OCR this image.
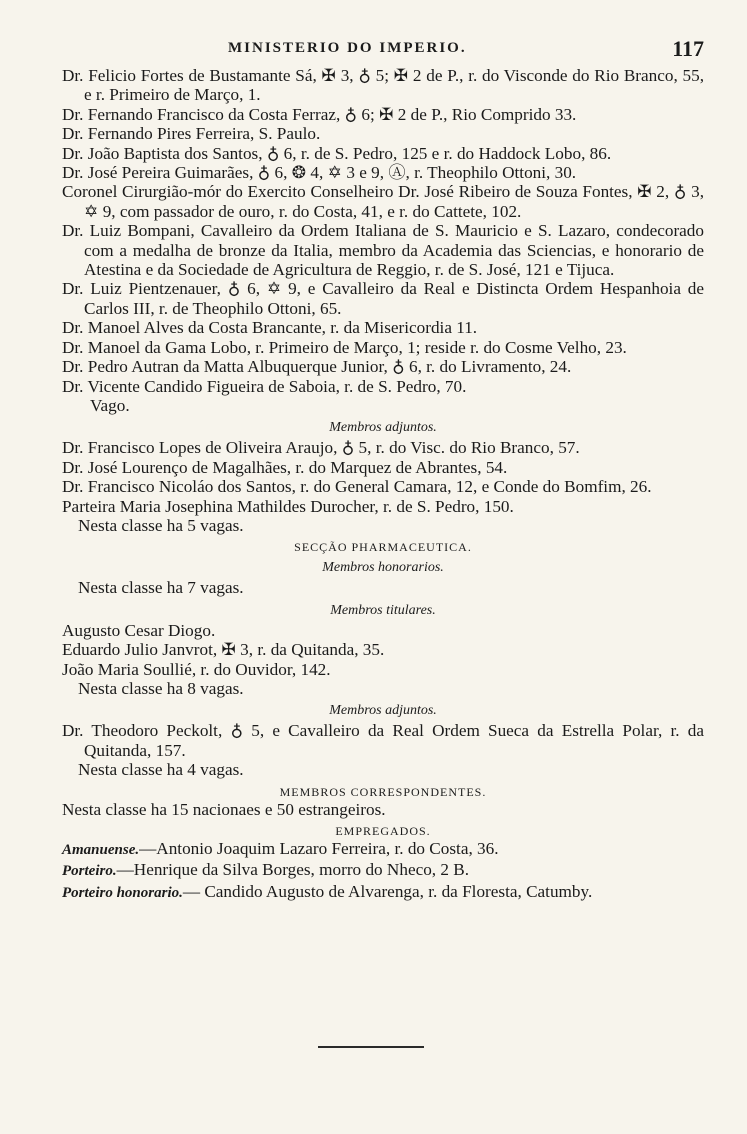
MINISTERIO DO IMPERIO.	117

Dr. Felicio Fortes de Bustamante Sá, ✠ 3, ♁ 5; ✠ 2 de P., r. do Visconde do Rio Branco, 55, e r. Primeiro de Março, 1.

Dr. Fernando Francisco da Costa Ferraz, ♁ 6; ✠ 2 de P., Rio Comprido 33.

Dr. Fernando Pires Ferreira, S. Paulo.

Dr. João Baptista dos Santos, ♁ 6, r. de S. Pedro, 125 e r. do Haddock Lobo, 86.

Dr. José Pereira Guimarães, ♁ 6, ❂ 4, ✡ 3 e 9, Ⓐ, r. Theophilo Ottoni, 30.

Coronel Cirurgião-mór do Exercito Conselheiro Dr. José Ribeiro de Souza Fontes, ✠ 2, ♁ 3, ✡ 9, com passador de ouro, r. do Costa, 41, e r. do Cattete, 102.

Dr. Luiz Bompani, Cavalleiro da Ordem Italiana de S. Mauricio e S. Lazaro, condecorado com a medalha de bronze da Italia, membro da Academia das Sciencias, e honorario de Atestina e da Sociedade de Agricultura de Reggio, r. de S. José, 121 e Tijuca.

Dr. Luiz Pientzenauer, ♁ 6, ✡ 9, e Cavalleiro da Real e Distincta Ordem Hespanhoia de Carlos III, r. de Theophilo Ottoni, 65.

Dr. Manoel Alves da Costa Brancante, r. da Misericordia 11.

Dr. Manoel da Gama Lobo, r. Primeiro de Março, 1; reside r. do Cosme Velho, 23.

Dr. Pedro Autran da Matta Albuquerque Junior, ♁ 6, r. do Livramento, 24.

Dr. Vicente Candido Figueira de Saboia, r. de S. Pedro, 70.

Vago.

Membros adjuntos.

Dr. Francisco Lopes de Oliveira Araujo, ♁ 5, r. do Visc. do Rio Branco, 57.

Dr. José Lourenço de Magalhães, r. do Marquez de Abrantes, 54.

Dr. Francisco Nicoláo dos Santos, r. do General Camara, 12, e Conde do Bomfim, 26.

Parteira Maria Josephina Mathildes Durocher, r. de S. Pedro, 150.

Nesta classe ha 5 vagas.

SECÇÃO PHARMACEUTICA.

Membros honorarios.

Nesta classe ha 7 vagas.

Membros titulares.

Augusto Cesar Diogo.

Eduardo Julio Janvrot, ✠ 3, r. da Quitanda, 35.

João Maria Soullié, r. do Ouvidor, 142.

Nesta classe ha 8 vagas.

Membros adjuntos.

Dr. Theodoro Peckolt, ♁ 5, e Cavalleiro da Real Ordem Sueca da Estrella Polar, r. da Quitanda, 157.

Nesta classe ha 4 vagas.

MEMBROS CORRESPONDENTES.

Nesta classe ha 15 nacionaes e 50 estrangeiros.

EMPREGADOS.

Amanuense.—Antonio Joaquim Lazaro Ferreira, r. do Costa, 36.

Porteiro.—Henrique da Silva Borges, morro do Nheco, 2 B.

Porteiro honorario.— Candido Augusto de Alvarenga, r. da Floresta, Catumby.
